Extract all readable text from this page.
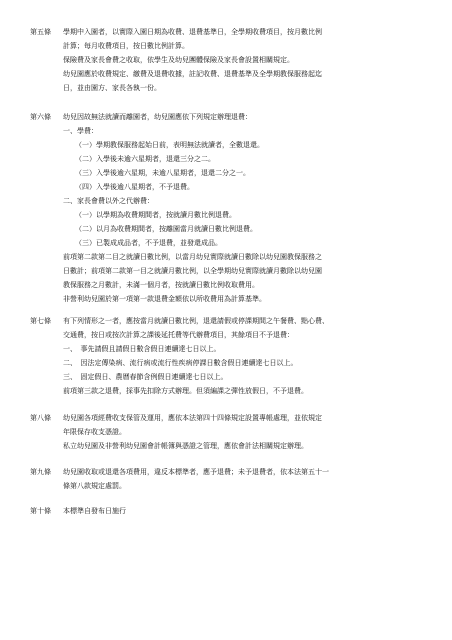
第五條	學期中入園者，以實際入園日期為收費、退費基準日，全學期收費項目，按月數比例
計算；每月收費項目，按日數比例計算。
保險費及家長會費之收取，依學生及幼兒團體保險及家長會設置相關規定。
幼兒園應於收費規定、繳費及退費收據，註記收費、退費基準及全學期教保服務起迄
日，並由園方、家長各執一份。
第六條	幼兒因故無法就讀而離園者，幼兒園應依下列規定辦理退費：
一、學費：
（一）學期教保服務起始日前，表明無法就讀者，全數退還。
（二）入學後未逾六星期者，退還三分之二。
（三）入學後逾六星期，未逾八星期者，退還二分之一。
（四）入學後逾八星期者，不予退費。
二、家長會費以外之代辦費：
（一）以學期為收費期間者，按就讀月數比例退費。
（二）以月為收費期間者，按離園當月就讀日數比例退費。
（三）已製成成品者，不予退費，並發還成品。
前項第二款第二目之就讀日數比例，以當月幼兒實際就讀日數除以幼兒園教保服務之
日數計；前項第二款第一目之就讀月數比例，以全學期幼兒實際就讀月數除以幼兒園
教保服務之月數計，未滿一個月者，按就讀日數比例收取費用。
非營利幼兒園於第一項第一款退費金額依以所收費用為計算基準。
第七條	有下列情形之一者，應按當月就讀日數比例，退還請假或停課期間之午餐費、點心費、
交通費，按日或按次計算之課後延托費等代辦費項目，其餘項目不予退費：
一、　事先請假且請假日數含假日連續達七日以上。
二、　因法定傳染病、流行病或流行性疾病停課日數含假日連續達七日以上。
三、　固定假日、農曆春節含例假日連續達七日以上。
前項第三款之退費，採事先扣除方式辦理。但須編課之彈性放假日，不予退費。
第八條	幼兒園各項經費收支保管及運用，應依本法第四十四條規定設置專帳處理，並依規定
年限保存收支憑證。
私立幼兒園及非營利幼兒園會計帳簿與憑證之管理，應依會計法相關規定辦理。
第九條	幼兒園收取或退還各項費用，違反本標準者，應予退費；未予退費者，依本法第五十一
條第八款規定處罰。
第十條	本標準自發布日施行
